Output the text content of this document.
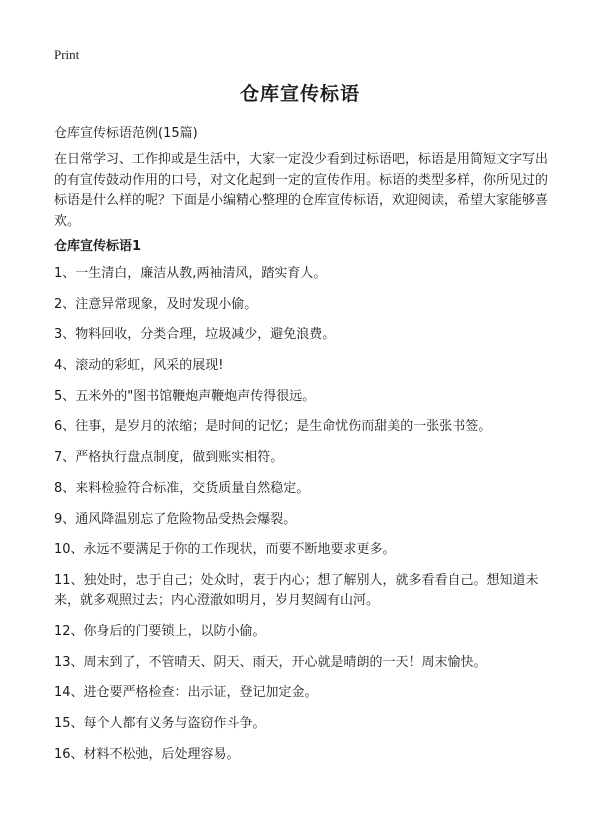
Print
仓库宣传标语

仓库宣传标语范例(15篇)

在日常学习、工作抑或是生活中，大家一定没少看到过标语吧，标语是用简短文字写出的有宣传鼓动作用的口号，对文化起到一定的宣传作用。标语的类型多样，你所见过的标语是什么样的呢？下面是小编精心整理的仓库宣传标语，欢迎阅读，希望大家能够喜欢。

仓库宣传标语1
1、一生清白，廉洁从教,两袖清风，踏实育人。
2、注意异常现象，及时发现小偷。
3、物料回收，分类合理，垃圾减少，避免浪费。
4、滚动的彩虹，风采的展现!
5、五米外的"图书馆鞭炮声鞭炮声传得很远。
6、往事，是岁月的浓缩；是时间的记忆；是生命忧伤而甜美的一张张书签。
7、严格执行盘点制度，做到账实相符。
8、来料检验符合标准，交货质量自然稳定。
9、通风降温别忘了危险物品受热会爆裂。
10、永远不要满足于你的工作现状，而要不断地要求更多。
11、独处时，忠于自己；处众时，衷于内心；想了解别人，就多看看自己。想知道未来，就多观照过去；内心澄澈如明月，岁月契阔有山河。
12、你身后的门要锁上，以防小偷。
13、周末到了，不管晴天、阴天、雨天，开心就是晴朗的一天！周末愉快。
14、进仓要严格检查：出示证，登记加定金。
15、每个人都有义务与盗窃作斗争。
16、材料不松弛，后处理容易。
